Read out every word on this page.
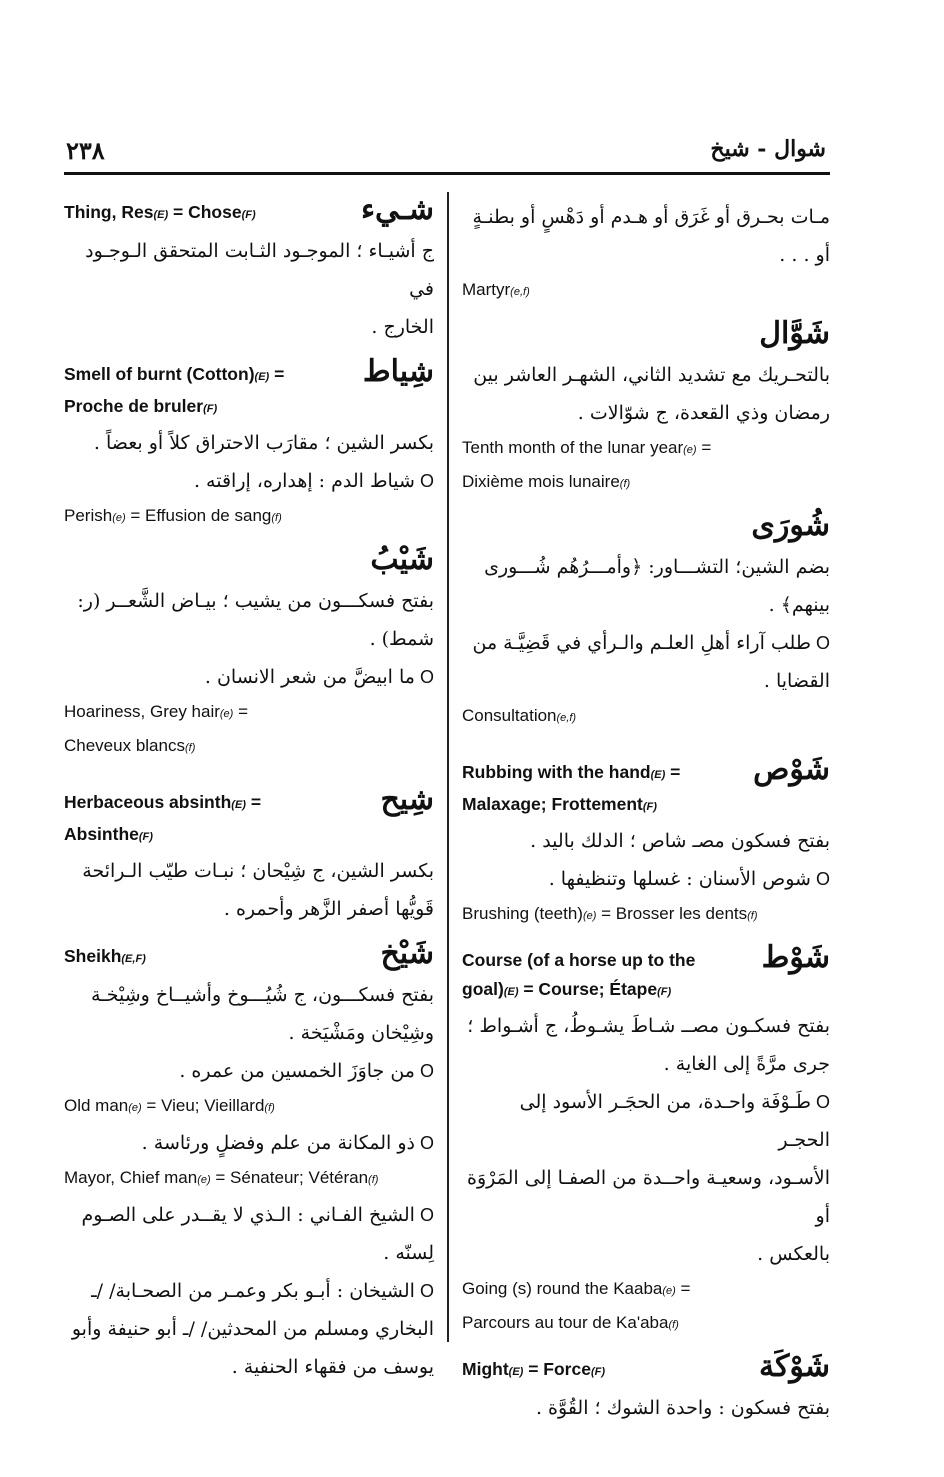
شوال - شيخ
٢٣٨
مـات بحـرق أو غَرَق أو هـدم أو دَهْسٍ أو بطنـةٍ
أو . . .
Martyr(e,f)
شَوَّال
بالتحـريك مع تشديد الثاني، الشهـر العاشر بين
رمضان وذي القعدة، ج شوّالات .
Tenth month of the lunar year(e) =
Dixième mois lunaire(f)
شُورَى
بضم الشين؛ التشـــاور: ﴿وأمـــرُهُم شُـــورى
بينهم﴾ .
O طلب آراء أهلِ العلـم والـرأي في قَضِيَّـة من
القضايا .
Consultation(e,f)
شَوْص
Rubbing with the hand(E) =
Malaxage; Frottement(F)
بفتح فسكون مصـ شاص ؛ الدلك باليد .
O شوص الأسنان : غسلها وتنظيفها .
Brushing (teeth)(e) = Brosser les dents(f)
شَوْط
Course (of a horse up to the
goal)(E) = Course; Étape(F)
بفتح فسكـون مصــ شـاطَ يشـوطُ، ج أشـواط ؛
جرى مرَّةً إلى الغاية .
O طَـوْفَة واحـدة، من الحجَـر الأسود إلى الحجـر
الأسـود، وسعيـة واحــدة من الصفـا إلى المَرْوَة أو
بالعكس .
Going (s) round the Kaaba(e) =
Parcours au tour de Ka'aba(f)
شَوْكَة
Might(E) = Force(F)
بفتح فسكون : واحدة الشوك ؛ القُوَّة .
شـيء
Thing, Res(E) = Chose(F)
ج أشيـاء ؛ الموجـود الثـابت المتحقق الـوجـود في
الخارج .
شِياط
Smell of burnt (Cotton)(E) =
Proche de bruler(F)
بكسر الشين ؛ مقارَب الاحتراق كلاً أو بعضاً .
O شياط الدم : إهداره، إراقته .
Perish(e) = Effusion de sang(f)
شَيْبُ
بفتح فسكـــون من يشيب ؛ بيـاض الشَّعــر (ر:
شمط) .
O ما ابيضَّ من شعر الانسان .
Hoariness, Grey hair(e) =
Cheveux blancs(f)
شِيح
Herbaceous absinth(E) =
Absinthe(F)
بكسر الشين، ج شِيْحان ؛ نبـات طيّب الـرائحة
قَويُّها أصفر الزَّهر وأحمره .
شَيْخ
Sheikh(E,F)
بفتح فسكـــون، ج شُيُـــوخ وأشيــاخ وشِيْخـة
وشِيْخان ومَشْيَخة .
O من جاوَزَ الخمسين من عمره .
Old man(e) = Vieu; Vieillard(f)
O ذو المكانة من علم وفضلٍ ورئاسة .
Mayor, Chief man(e) = Sénateur; Vétéran(f)
O الشيخ الفـاني : الـذي لا يقــدر على الصـوم
لِسنّه .
O الشيخان : أبـو بكر وعمـر من الصحـابة/ /ـ
البخاري ومسلم من المحدثين/ /ـ أبو حنيفة وأبو
يوسف من فقهاء الحنفية .
